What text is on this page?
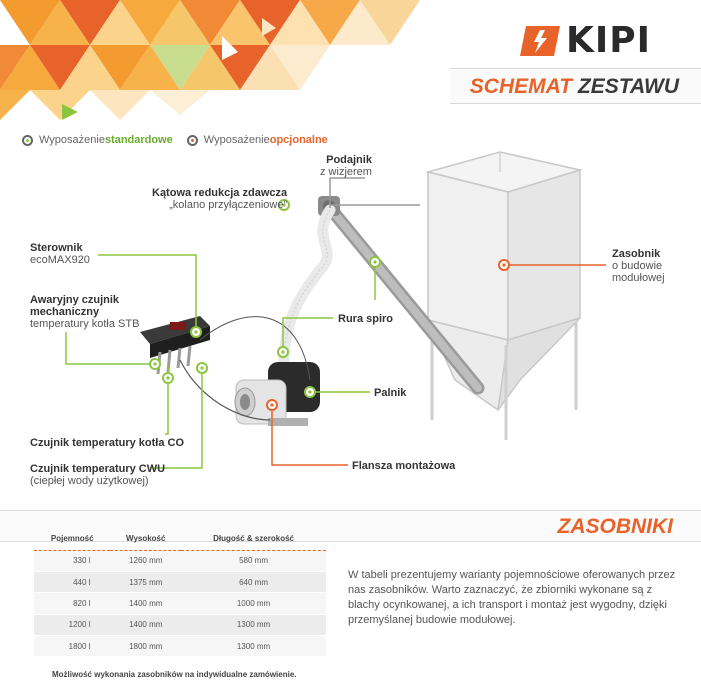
KIPI
SCHEMAT ZESTAWU
Wyposażenie standardowe	Wyposażenie opcjonalne
Podajnik
z wizjerem
Kątowa redukcja zdawcza
„kolano przyłączeniowe”
Sterownik
ecoMAX920
Awaryjny czujnik
mechaniczny
temperatury kotła STB
Zasobnik
o budowie
modułowej
Rura spiro
Palnik
Czujnik temperatury kotła CO
Czujnik temperatury CWU
(ciepłej wody użytkowej)
Flansza montażowa
ZASOBNIKI
Pojemność	Wysokość	Długość & szerokość
330 l	1260 mm	580 mm
440 l	1375 mm	640 mm
820 l	1400 mm	1000 mm
1200 l	1400 mm	1300 mm
1800 l	1800 mm	1300 mm
Możliwość wykonania zasobników na indywidualne zamówienie.
W tabeli prezentujemy warianty pojemnościowe oferowanych przez nas zasobników. Warto zaznaczyć, że zbiorniki wykonane są z blachy ocynkowanej, a ich transport i montaż jest wygodny, dzięki przemyślanej budowie modułowej.
